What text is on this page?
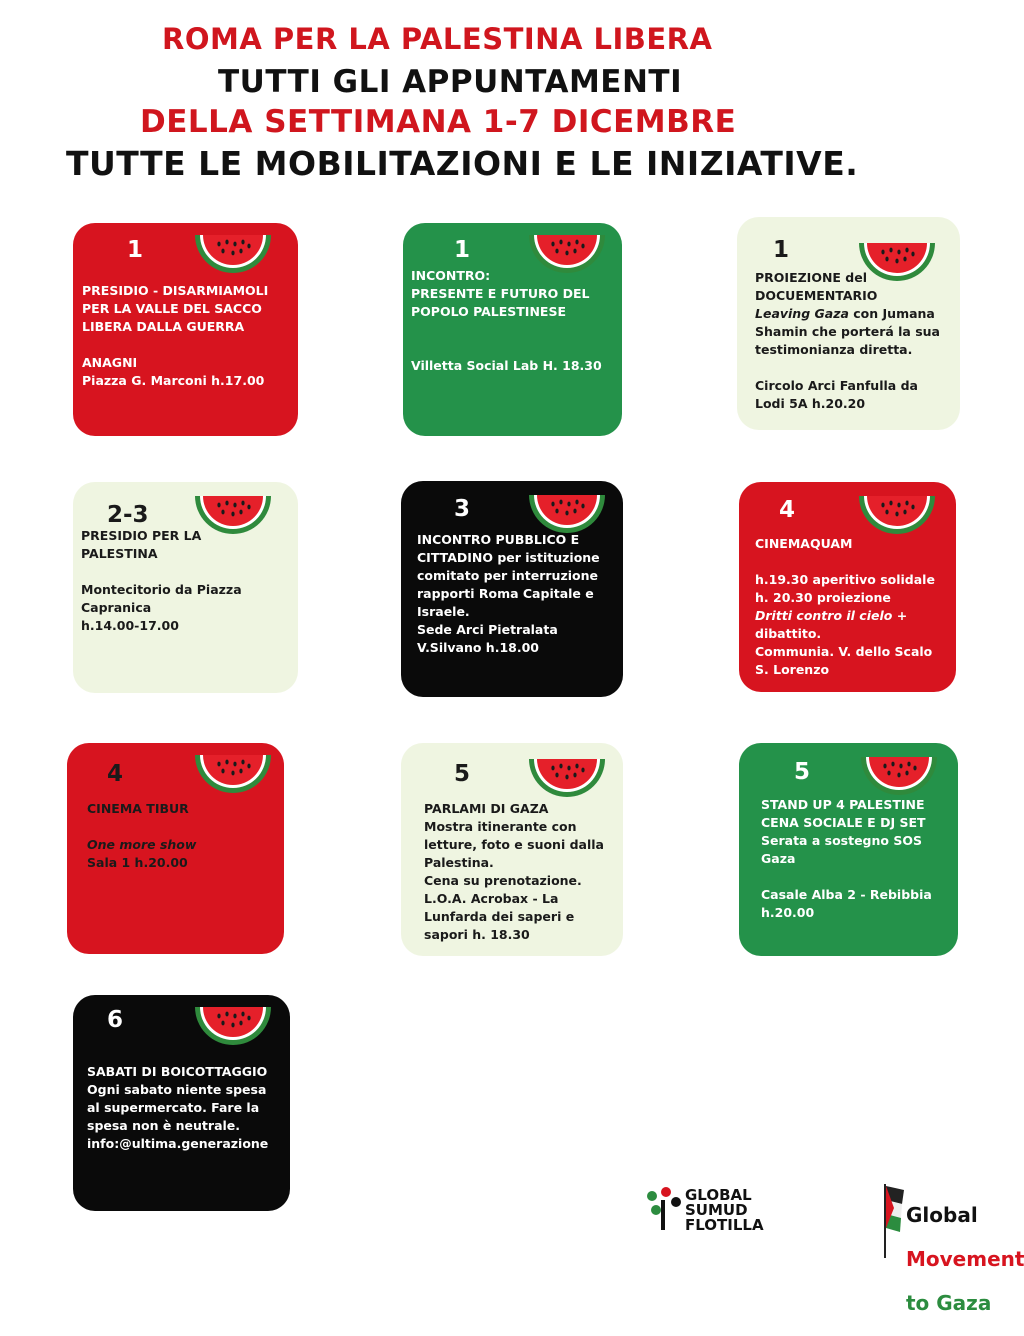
ROMA PER LA PALESTINA LIBERA
TUTTI GLI APPUNTAMENTI
DELLA SETTIMANA 1-7 DICEMBRE
TUTTE LE MOBILITAZIONI E LE INIZIATIVE.
1
PRESIDIO - DISARMIAMOLI
PER LA VALLE DEL SACCO
LIBERA DALLA GUERRA

ANAGNI
Piazza G. Marconi h.17.00
1
INCONTRO:
PRESENTE E FUTURO DEL
POPOLO PALESTINESE

Villetta Social Lab H. 18.30
1
PROIEZIONE del
DOCUEMENTARIO
Leaving Gaza con Jumana
Shamin che porterá la sua
testimonianza diretta.

Circolo Arci Fanfulla da
Lodi 5A h.20.20
2-3
PRESIDIO PER LA
PALESTINA

Montecitorio da Piazza
Capranica
h.14.00-17.00
3
INCONTRO PUBBLICO E
CITTADINO per istituzione
comitato per interruzione
rapporti Roma Capitale e
Israele.
Sede Arci Pietralata
V.Silvano h.18.00
4
CINEMAQUAM

h.19.30 aperitivo solidale
h. 20.30 proiezione
Dritti contro il cielo + dibattito.
Communia. V. dello Scalo
S. Lorenzo
4
CINEMA TIBUR

One more show
Sala 1 h.20.00
5
PARLAMI DI GAZA
Mostra itinerante con
letture, foto e suoni dalla
Palestina.
Cena su prenotazione.
L.O.A. Acrobax - La
Lunfarda dei saperi e
sapori h. 18.30
5
STAND UP 4 PALESTINE
CENA SOCIALE E DJ SET
Serata a sostegno SOS
Gaza

Casale Alba 2 - Rebibbia
h.20.00
6
SABATI DI BOICOTTAGGIO
Ogni sabato niente spesa
al supermercato. Fare la
spesa non è neutrale.
info:@ultima.generazione
GLOBAL
SUMUD
FLOTILLA	Global

Movement

to Gaza
